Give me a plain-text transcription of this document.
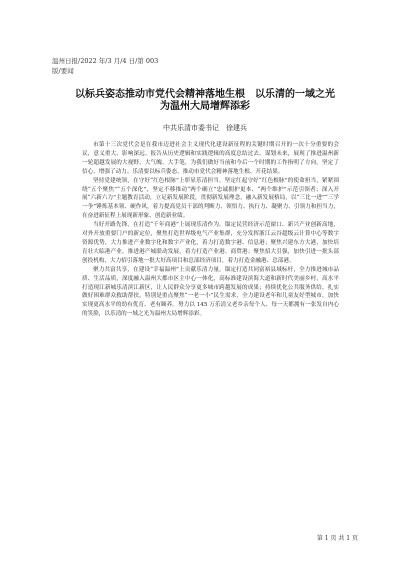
温州日报/2022 年/3 月/4 日/第 003
版/要闻
以标兵姿态推动市党代会精神落地生根　以乐清的一域之光
为温州大局增辉添彩
中共乐清市委书记　徐建兵

市第十三次党代会是在我市迈进社会主义现代化建设新征程的关键时期召开的一次十分重要的会议，意义重大、影响深远。报告从历史逻辑和实践逻辑的高度总结过去、谋划未来，展现了推进温州新一轮超越发展的大视野、大气魄、大手笔，为我们做好当前和今后一个时期的工作指明了方向。坚定了信心、增强了动力。乐清要以标兵姿态，推动市党代会精神落地生根、开花结果。

坚持党建统领，在守好“红色根脉”上彰显乐清担当。坚定红起守好“红色根脉”的使命担当，紧紧围绕“五个聚焦”“五个深化”，坚定不移推动“两个确立”忠诚拥护更本、“两个维护”示范引领者；深入开展“六新六力”主题教育活动，立足新发展阶段，贯彻新发展理念，融入新发展格局，以“三比一进”“三学一争”锤炼基本领、硬作风，着力提高党员干部的判断力、领悟力、执行力、凝聚力、引领力和担当力，在奋进新征程上展现新形象、创造新业绩。

当好开路先锋，在打造“千年商港”上展现乐清作为。锚定民营经济示范窗口、新兴产业创新高地、对外开放重要门户的新定位，聚焦打造世界级电气产业集群，充分发挥浙江云谷超级云计算中心等数字资源优势，大力推进产业数字化和数字产业化，着力打造数字港、信息港；聚焦兴建东方大港，加快培育壮大临港产业，推进港产城联动发展，着力打造产业港、商贸港；聚焦招大引强，加快引进一批头部创投机构，大力招引落地一批大好高项目和总部经济项目，着力打造金融港、总部港。

聚力共富共享，在建设“幸福温州”上贡献乐清力量。锚定打造共同富裕县域标杆，全力推进城市品质、生活品质，深度融入温州大都市区主中心一体化，高标准建设滨海大道和新时代美丽乡村，高水平打造现江新城乐清滨江新区，让人民群众分享更多城市跨越发展的成果；持续优化公共服务供给，扎实做好困难群众救助帮扶，特别是重点聚焦“一老一小”民生需求，全力建设老年和儿童友好型城市，加快实现更高水平的幼有优育、老有颐养。努力以 145 万乐清父老乡亲每个人、每一天都拥有一张发自内心的笑脸，以乐清的一域之光为温州大局增辉添彩。

第 1 页 共 1 页
